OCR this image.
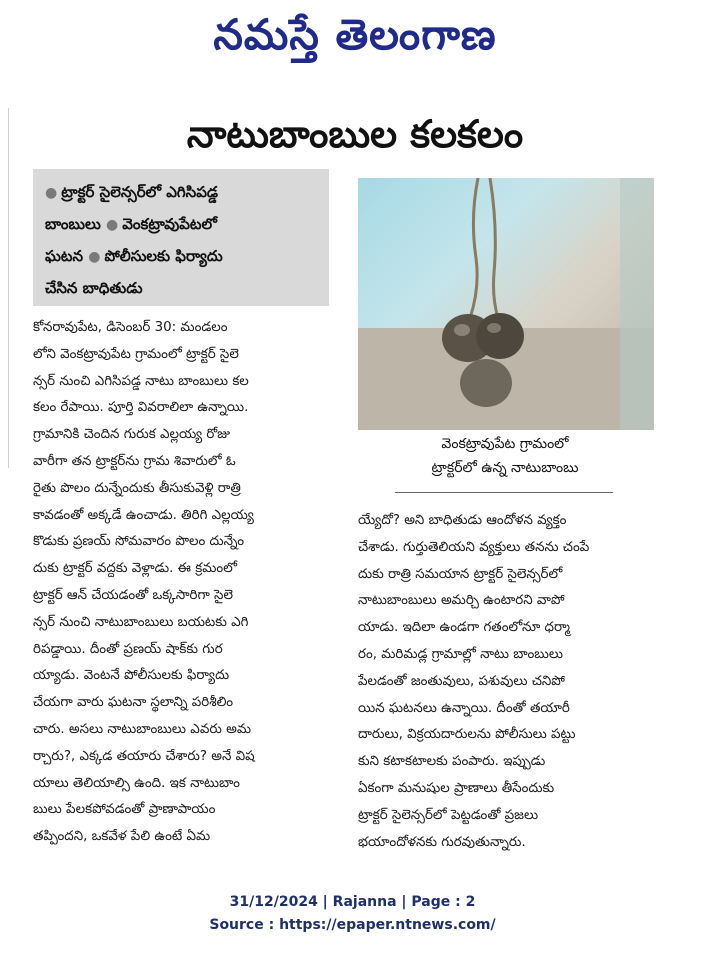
నమస్తే తెలంగాణ
నాటుబాంబుల కలకలం
● ట్రాక్టర్ సైలెన్సర్‌లో ఎగిసిపడ్డ
బాంబులు ● వెంకట్రావుపేటలో
ఘటన ● పోలీసులకు ఫిర్యాదు
చేసిన బాధితుడు
వెంకట్రావుపేట గ్రామంలో
ట్రాక్టర్‌లో ఉన్న నాటుబాంబు
కోనరావుపేట, డిసెంబర్ 30: మండలం
లోని వెంకట్రావుపేట గ్రామంలో ట్రాక్టర్ సైలె
న్సర్ నుంచి ఎగిసిపడ్డ నాటు బాంబులు కల
కలం రేపాయి. పూర్తి వివరాలిలా ఉన్నాయి.
గ్రామానికి చెందిన గురుక ఎల్లయ్య రోజు
వారీగా తన ట్రాక్టర్‌ను గ్రామ శివారులో ఓ
రైతు పొలం దున్నేందుకు తీసుకువెళ్లి రాత్రి
కావడంతో అక్కడే ఉంచాడు. తిరిగి ఎల్లయ్య
కొడుకు ప్రణయ్ సోమవారం పొలం దున్నేం
దుకు ట్రాక్టర్ వద్దకు వెళ్లాడు. ఈ క్రమంలో
ట్రాక్టర్ ఆన్ చేయడంతో ఒక్కసారిగా సైలె
న్సర్ నుంచి నాటుబాంబులు బయటకు ఎగి
రిపడ్డాయి. దీంతో ప్రణయ్ షాక్‌కు గుర
య్యాడు. వెంటనే పోలీసులకు ఫిర్యాదు
చేయగా వారు ఘటనా స్థలాన్ని పరిశీలిం
చారు. అసలు నాటుబాంబులు ఎవరు అమ
ర్చారు?, ఎక్కడ తయారు చేశారు? అనే విష
యాలు తెలియాల్సి ఉంది. ఇక నాటుబాం
బులు పేలకపోవడంతో ప్రాణాపాయం
తప్పిందని, ఒకవేళ పేలి ఉంటే ఏమ
య్యేదో? అని బాధితుడు ఆందోళన వ్యక్తం
చేశాడు. గుర్తుతెలియని వ్యక్తులు తనను చంపే
దుకు రాత్రి సమయాన ట్రాక్టర్ సైలెన్సర్‌లో
నాటుబాంబులు అమర్చి ఉంటారని వాపో
యాడు. ఇదిలా ఉండగా గతంలోనూ ధర్మా
రం, మరిమడ్ల గ్రామాల్లో నాటు బాంబులు
పేలడంతో జంతువులు, పశువులు చనిపో
యిన ఘటనలు ఉన్నాయి. దీంతో తయారీ
దారులు, విక్రయదారులను పోలీసులు పట్టు
కుని కటాకటాలకు పంపారు. ఇప్పుడు
ఏకంగా మనుషుల ప్రాణాలు తీసేందుకు
ట్రాక్టర్ సైలెన్సర్‌లో పెట్టడంతో ప్రజలు
భయాందోళనకు గురవుతున్నారు.
31/12/2024 | Rajanna | Page : 2
Source : https://epaper.ntnews.com/
